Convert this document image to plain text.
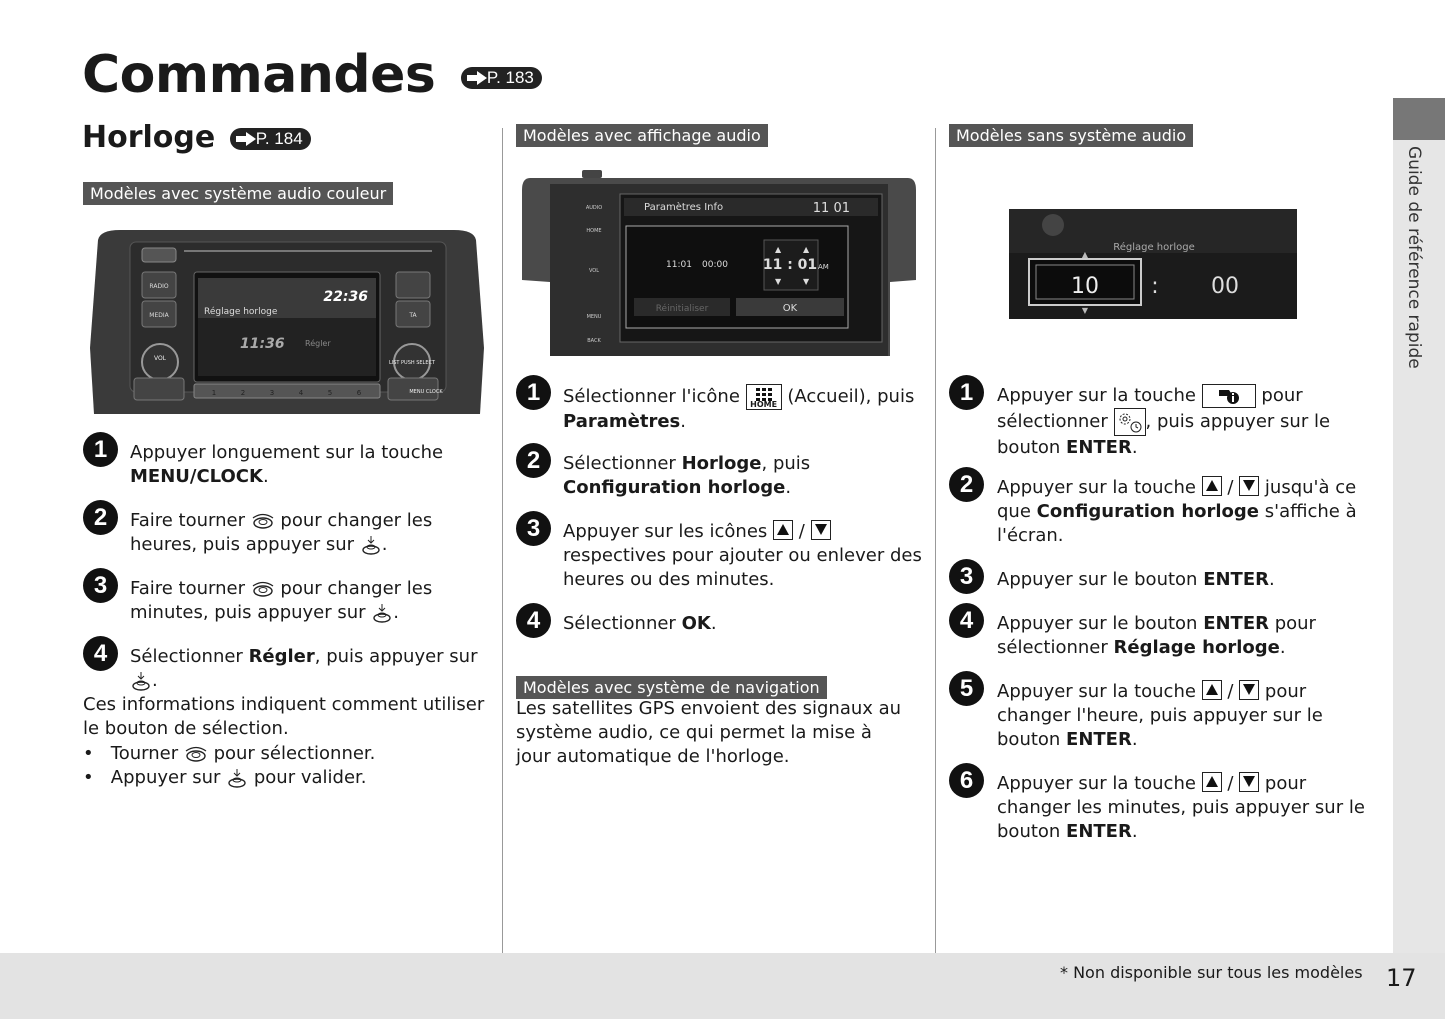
Guide de référence rapide
* Non disponible sur tous les modèles 17
Commandes	P. 183
Horloge P. 184
Modèles avec système audio couleur
RADIO
MEDIA	TA
VOL
LIST PUSH SELECT
MENU CLOCK
22:36
Réglage horloge
11:36	Régler
1	2	3	4	5	6
1	Appuyer longuement sur la touche MENU/CLOCK.
2	Faire tourner  pour changer les heures, puis appuyer sur .
3	Faire tourner  pour changer les minutes, puis appuyer sur .
4	Sélectionner Régler, puis appuyer sur .
Ces informations indiquent comment utiliser le bouton de sélection.
•   Tourner  pour sélectionner.
•   Appuyer sur  pour valider.
Modèles avec affichage audio
Paramètres Info	11 01
11:01 00:00 11 : 01 AM
Réinitialiser	OK
▲	▲
▼	▼
AUDIO
HOME
VOL
MENU
BACK
1	Sélectionner l'icône HOME (Accueil), puis Paramètres.
2	Sélectionner Horloge, puis Configuration horloge.
3	Appuyer sur les icônes  /  respectives pour ajouter ou enlever des heures ou des minutes.
4	Sélectionner OK.
Modèles avec système de navigation
Les satellites GPS envoient des signaux au système audio, ce qui permet la mise à jour automatique de l'horloge.
Modèles sans système audio
▲
▼
Réglage horloge
10 : 00
1	Appuyer sur la touche	pour sélectionner , puis appuyer sur le bouton ENTER.
2	Appuyer sur la touche  /  jusqu'à ce que Configuration horloge s'affiche à l'écran.
3	Appuyer sur le bouton ENTER.
4	Appuyer sur le bouton ENTER pour sélectionner Réglage horloge.
5	Appuyer sur la touche  /  pour changer l'heure, puis appuyer sur le bouton ENTER.
6	Appuyer sur la touche  /  pour changer les minutes, puis appuyer sur le bouton ENTER.
